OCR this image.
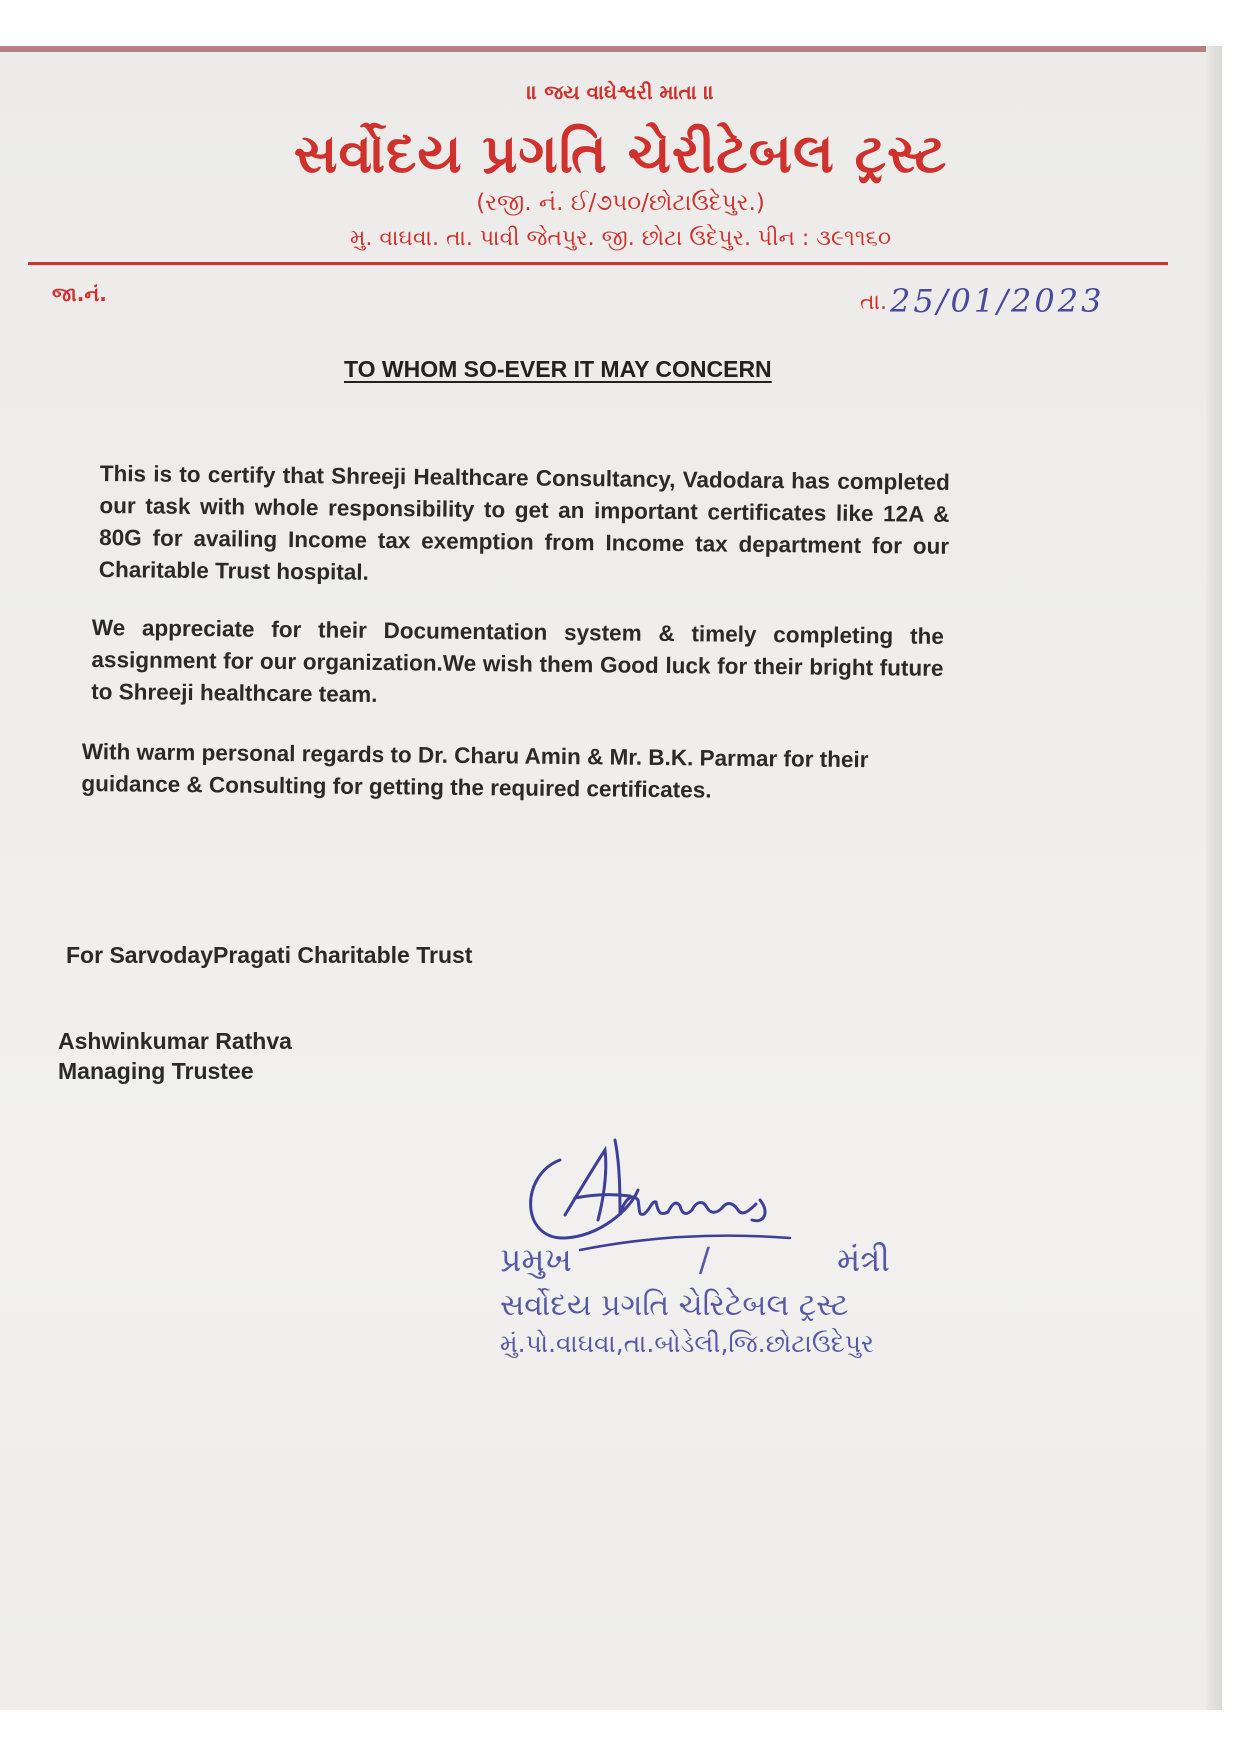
॥ જય વાઘેશ્વરી માતા ॥
સર્વોદય પ્રગતિ ચેરીટેબલ ટ્રસ્ટ
(રજી. નં. ઈ/૭૫૦/છોટાઉદેપુર.)
મુ. વાઘવા. તા. પાવી જેતપુર. જી. છોટા ઉદેપુર. પીન : ૩૯૧૧૬૦
જા.નં.	તા. 25/01/2023
TO WHOM SO-EVER IT MAY CONCERN
This is to certify that Shreeji Healthcare Consultancy, Vadodara has completed our task with whole responsibility to get an important certificates like 12A & 80G for availing Income tax exemption from Income tax department for our Charitable Trust hospital.
We appreciate for their Documentation system & timely completing the assignment for our organization.We wish them Good luck for their bright future to Shreeji healthcare team.
With warm personal regards to Dr. Charu Amin & Mr. B.K. Parmar for their guidance & Consulting for getting the required certificates.
For SarvodayPragati Charitable Trust
Ashwinkumar Rathva
Managing Trustee
પ્રમુખ	/	મંત્રી
સર્વોદય પ્રગતિ ચેરિટેબલ ટ્રસ્ટ
મું.પો.વાઘવા,તા.બોડેલી,જિ.છોટાઉદેપુર
